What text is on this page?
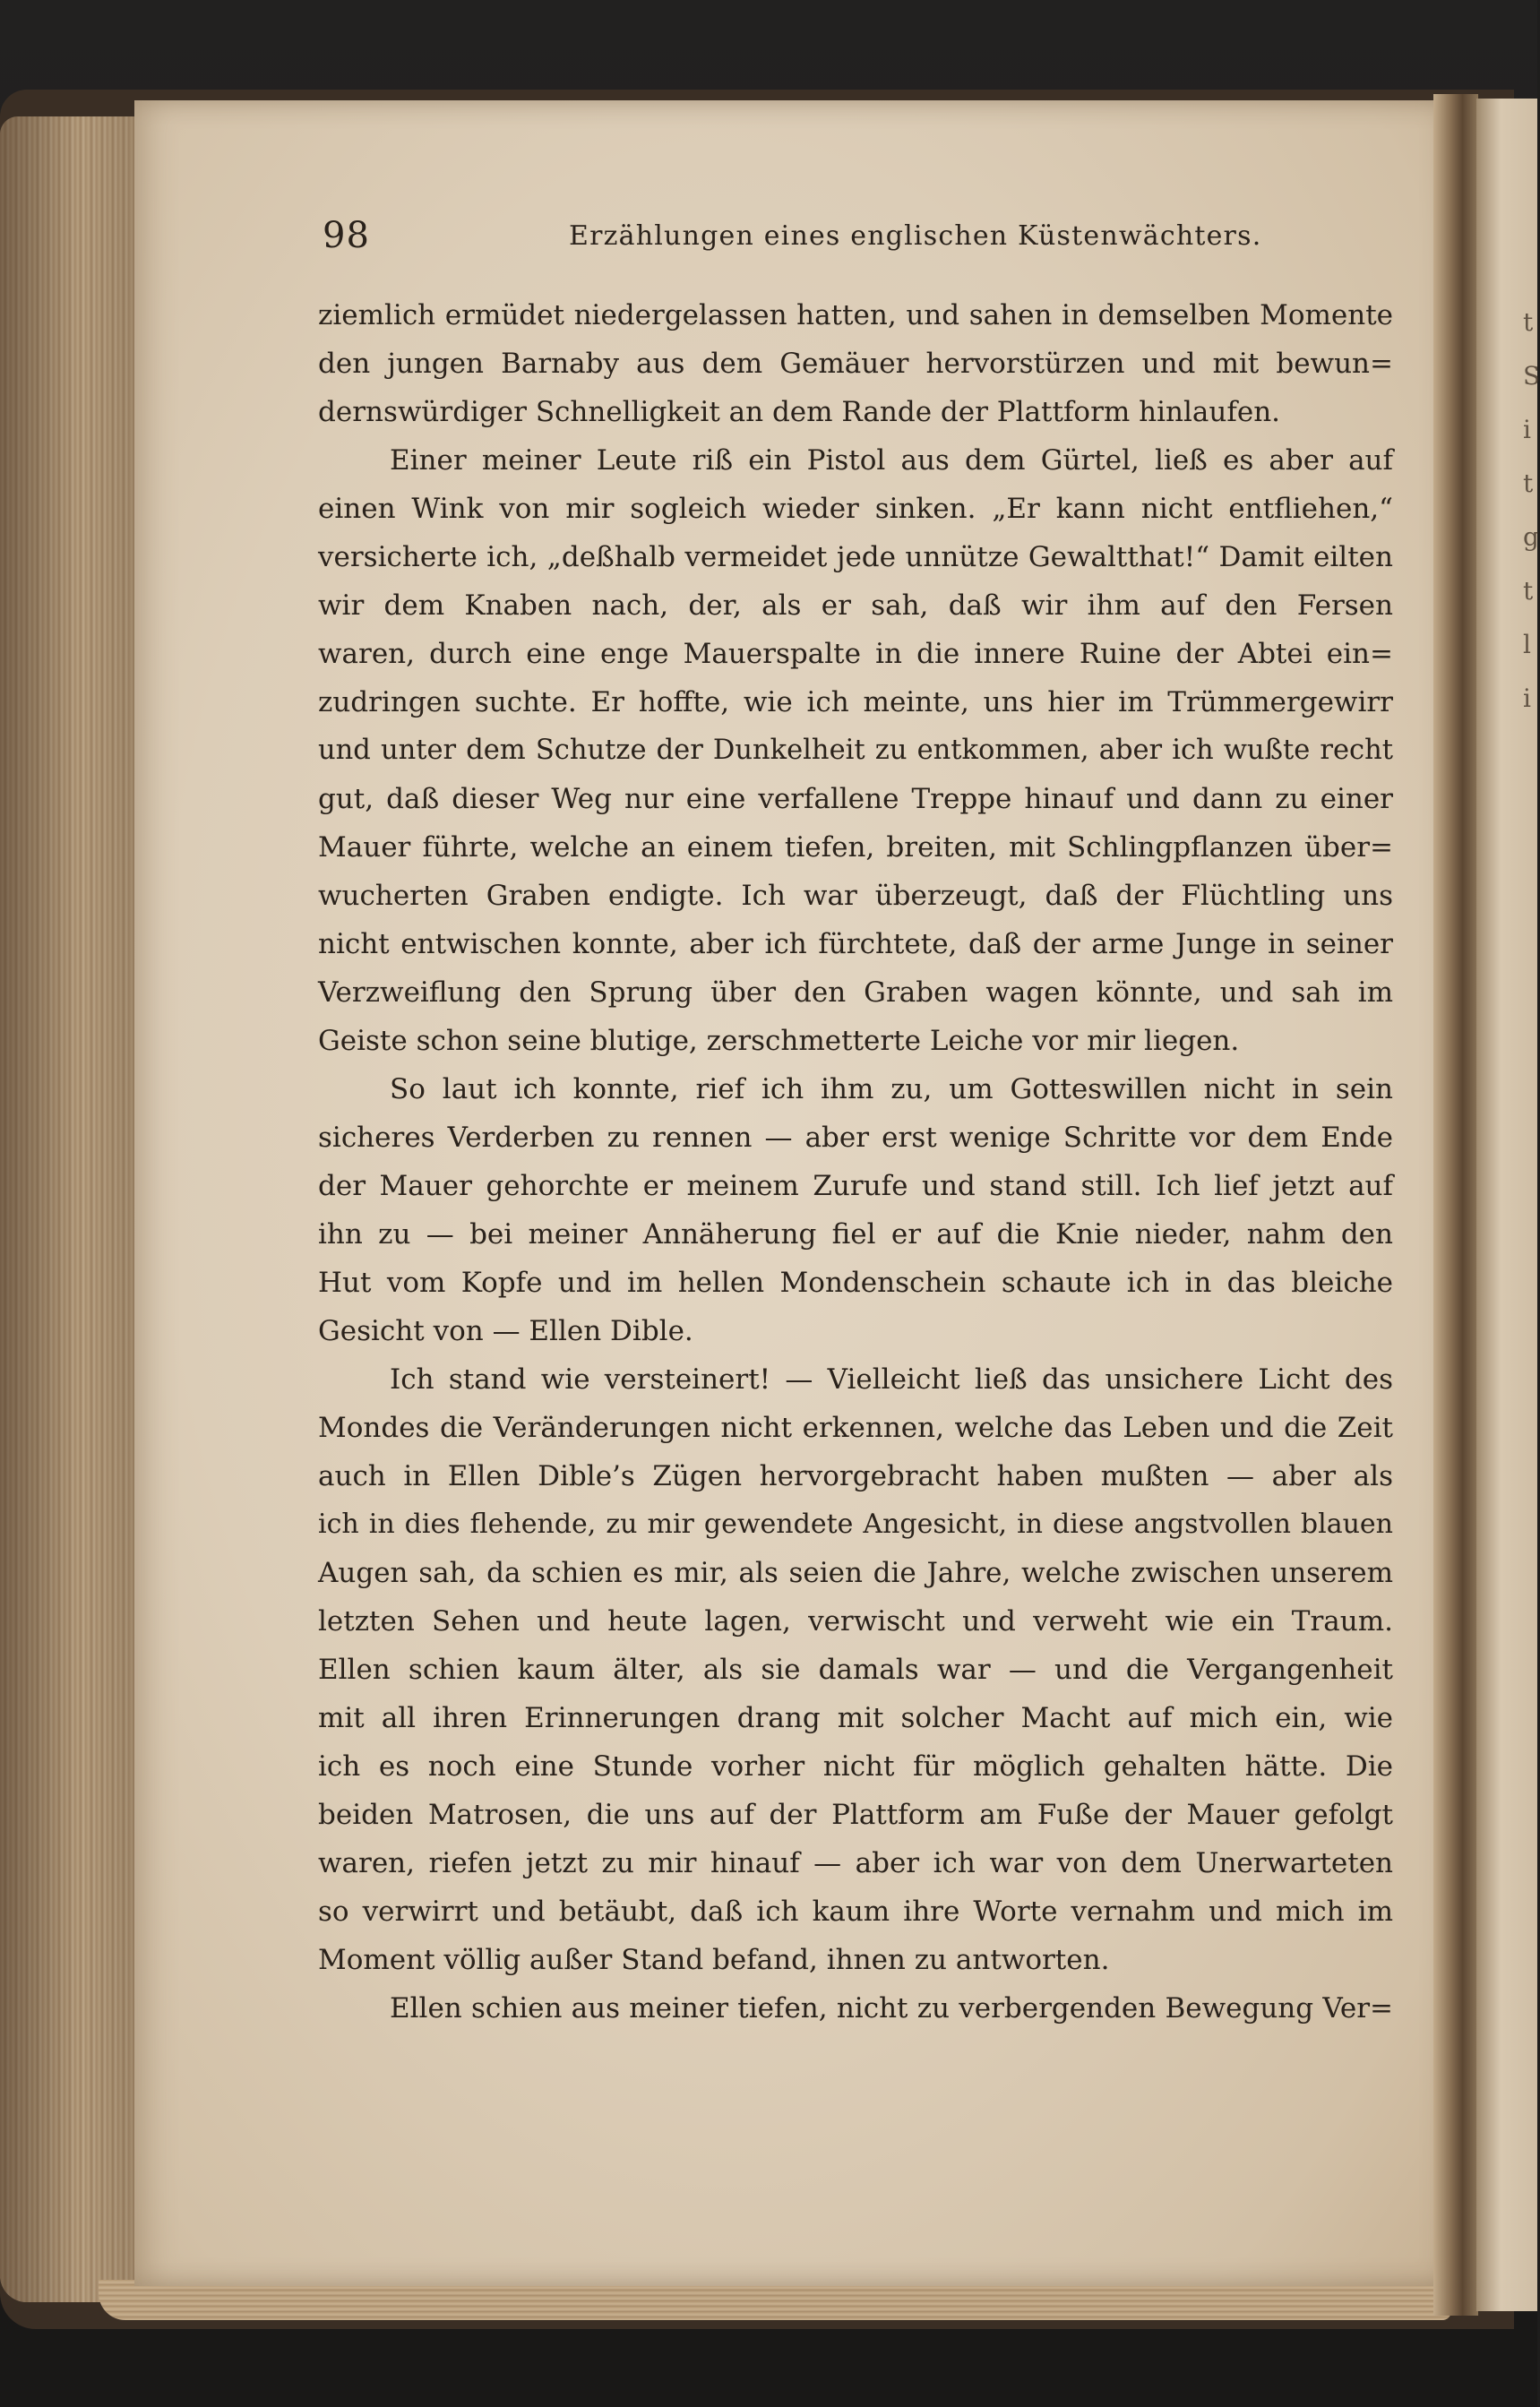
t
S
i
t
g
t
l
i
98	Erzählungen eines englischen Küstenwächters.
ziemlich ermüdet niedergelassen hatten, und sahen in demselben Momente
den jungen Barnaby aus dem Gemäuer hervorstürzen und mit bewun=
dernswürdiger Schnelligkeit an dem Rande der Plattform hinlaufen.
Einer meiner Leute riß ein Pistol aus dem Gürtel, ließ es aber auf
einen Wink von mir sogleich wieder sinken. „Er kann nicht entfliehen,“
versicherte ich, „deßhalb vermeidet jede unnütze Gewaltthat!“ Damit eilten
wir dem Knaben nach, der, als er sah, daß wir ihm auf den Fersen
waren, durch eine enge Mauerspalte in die innere Ruine der Abtei ein=
zudringen suchte. Er hoffte, wie ich meinte, uns hier im Trümmergewirr
und unter dem Schutze der Dunkelheit zu entkommen, aber ich wußte recht
gut, daß dieser Weg nur eine verfallene Treppe hinauf und dann zu einer
Mauer führte, welche an einem tiefen, breiten, mit Schlingpflanzen über=
wucherten Graben endigte. Ich war überzeugt, daß der Flüchtling uns
nicht entwischen konnte, aber ich fürchtete, daß der arme Junge in seiner
Verzweiflung den Sprung über den Graben wagen könnte, und sah im
Geiste schon seine blutige, zerschmetterte Leiche vor mir liegen.
So laut ich konnte, rief ich ihm zu, um Gotteswillen nicht in sein
sicheres Verderben zu rennen — aber erst wenige Schritte vor dem Ende
der Mauer gehorchte er meinem Zurufe und stand still. Ich lief jetzt auf
ihn zu — bei meiner Annäherung fiel er auf die Knie nieder, nahm den
Hut vom Kopfe und im hellen Mondenschein schaute ich in das bleiche
Gesicht von — Ellen Dible.
Ich stand wie versteinert! — Vielleicht ließ das unsichere Licht des
Mondes die Veränderungen nicht erkennen, welche das Leben und die Zeit
auch in Ellen Dible’s Zügen hervorgebracht haben mußten — aber als
ich in dies flehende, zu mir gewendete Angesicht, in diese angstvollen blauen
Augen sah, da schien es mir, als seien die Jahre, welche zwischen unserem
letzten Sehen und heute lagen, verwischt und verweht wie ein Traum.
Ellen schien kaum älter, als sie damals war — und die Vergangenheit
mit all ihren Erinnerungen drang mit solcher Macht auf mich ein, wie
ich es noch eine Stunde vorher nicht für möglich gehalten hätte. Die
beiden Matrosen, die uns auf der Plattform am Fuße der Mauer gefolgt
waren, riefen jetzt zu mir hinauf — aber ich war von dem Unerwarteten
so verwirrt und betäubt, daß ich kaum ihre Worte vernahm und mich im
Moment völlig außer Stand befand, ihnen zu antworten.
Ellen schien aus meiner tiefen, nicht zu verbergenden Bewegung Ver=
